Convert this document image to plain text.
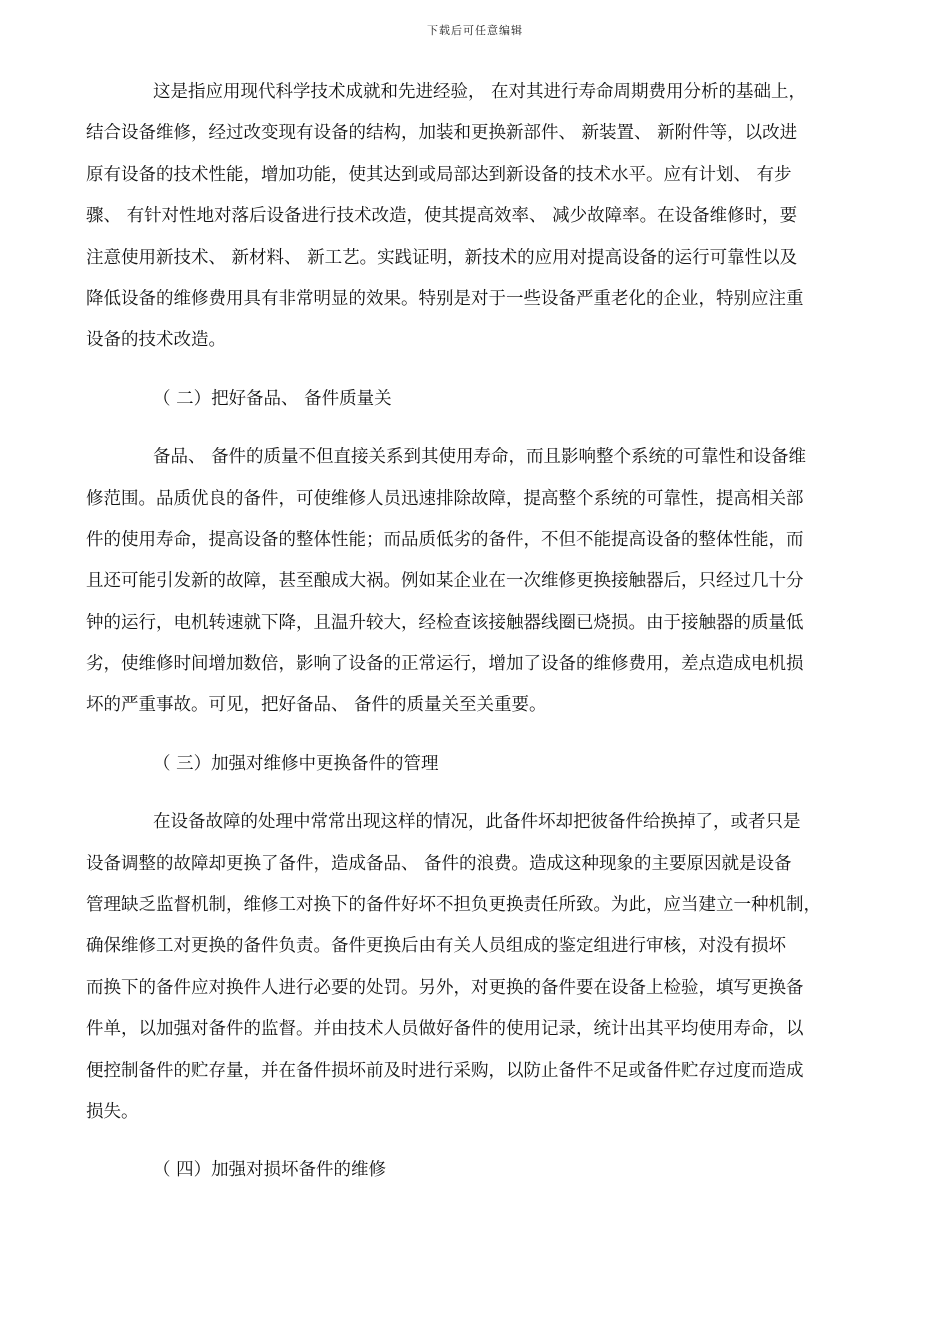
下载后可任意编辑
这是指应用现代科学技术成就和先进经验， 在对其进行寿命周期费用分析的基础上，
结合设备维修，经过改变现有设备的结构，加装和更换新部件、 新装置、 新附件等，以改进
原有设备的技术性能，增加功能，使其达到或局部达到新设备的技术水平。应有计划、 有步
骤、 有针对性地对落后设备进行技术改造，使其提高效率、 减少故障率。在设备维修时，要
注意使用新技术、 新材料、 新工艺。实践证明，新技术的应用对提高设备的运行可靠性以及
降低设备的维修费用具有非常明显的效果。特别是对于一些设备严重老化的企业，特别应注重
设备的技术改造。
（ 二）把好备品、 备件质量关
备品、 备件的质量不但直接关系到其使用寿命，而且影响整个系统的可靠性和设备维
修范围。品质优良的备件，可使维修人员迅速排除故障，提高整个系统的可靠性，提高相关部
件的使用寿命，提高设备的整体性能；而品质低劣的备件，不但不能提高设备的整体性能，而
且还可能引发新的故障，甚至酿成大祸。例如某企业在一次维修更换接触器后，只经过几十分
钟的运行，电机转速就下降，且温升较大，经检查该接触器线圈已烧损。由于接触器的质量低
劣，使维修时间增加数倍，影响了设备的正常运行，增加了设备的维修费用，差点造成电机损
坏的严重事故。可见，把好备品、 备件的质量关至关重要。
（ 三）加强对维修中更换备件的管理
在设备故障的处理中常常出现这样的情况，此备件坏却把彼备件给换掉了，或者只是
设备调整的故障却更换了备件，造成备品、 备件的浪费。造成这种现象的主要原因就是设备
管理缺乏监督机制，维修工对换下的备件好坏不担负更换责任所致。为此，应当建立一种机制，
确保维修工对更换的备件负责。备件更换后由有关人员组成的鉴定组进行审核，对没有损坏
而换下的备件应对换件人进行必要的处罚。另外，对更换的备件要在设备上检验，填写更换备
件单，以加强对备件的监督。并由技术人员做好备件的使用记录，统计出其平均使用寿命，以
便控制备件的贮存量，并在备件损坏前及时进行采购，以防止备件不足或备件贮存过度而造成
损失。
（ 四）加强对损坏备件的维修
